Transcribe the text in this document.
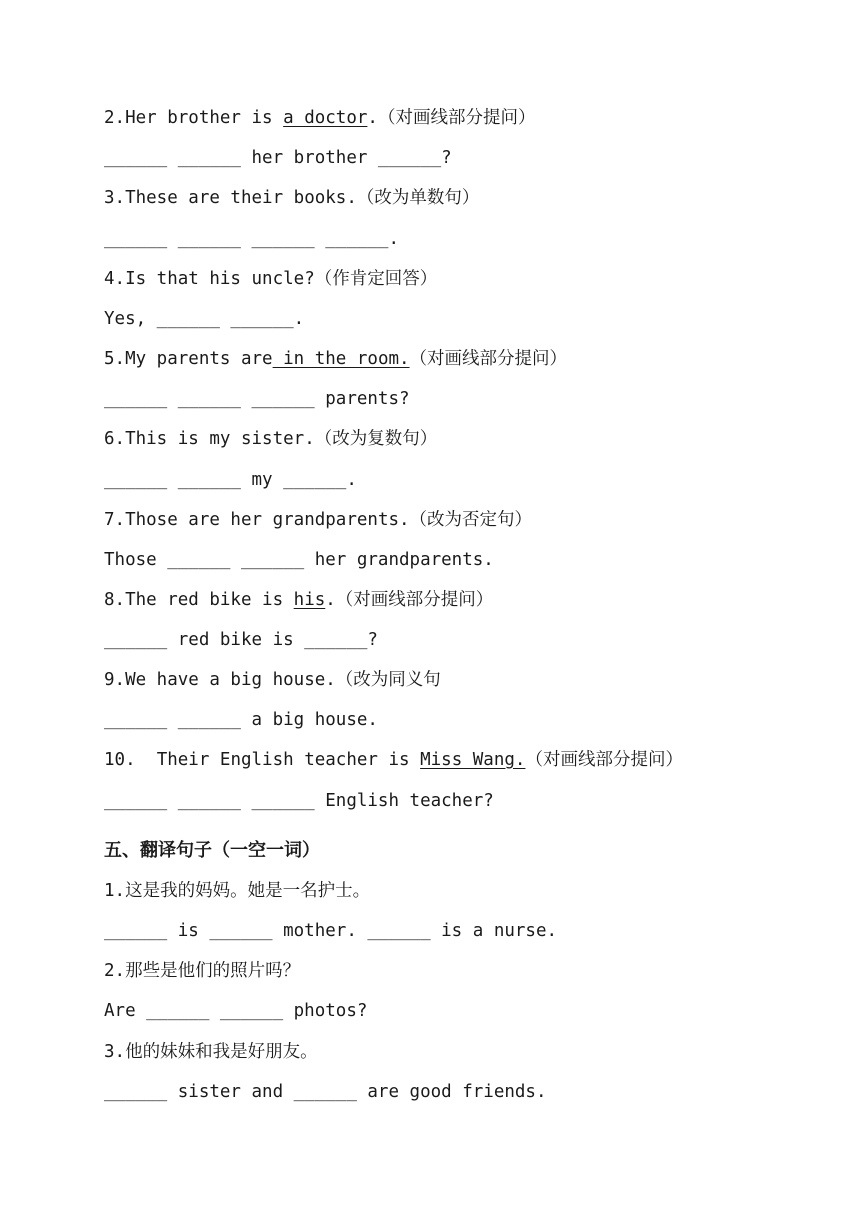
2.Her brother is a doctor.（对画线部分提问）
______ ______ her brother ______?
3.These are their books.（改为单数句）
______ ______ ______ ______.
4.Is that his uncle?（作肯定回答）
Yes, ______ ______.
5.My parents are in the room.（对画线部分提问）
______ ______ ______ parents?
6.This is my sister.（改为复数句）
______ ______ my ______.
7.Those are her grandparents.（改为否定句）
Those ______ ______ her grandparents.
8.The red bike is his.（对画线部分提问）
______ red bike is ______?
9.We have a big house.（改为同义句
______ ______ a big house.
10.  Their English teacher is Miss Wang.（对画线部分提问）
______ ______ ______ English teacher?
五、翻译句子（一空一词）
1.这是我的妈妈。她是一名护士。
______ is ______ mother. ______ is a nurse.
2.那些是他们的照片吗？
Are ______ ______ photos?
3.他的妹妹和我是好朋友。
______ sister and ______ are good friends.
